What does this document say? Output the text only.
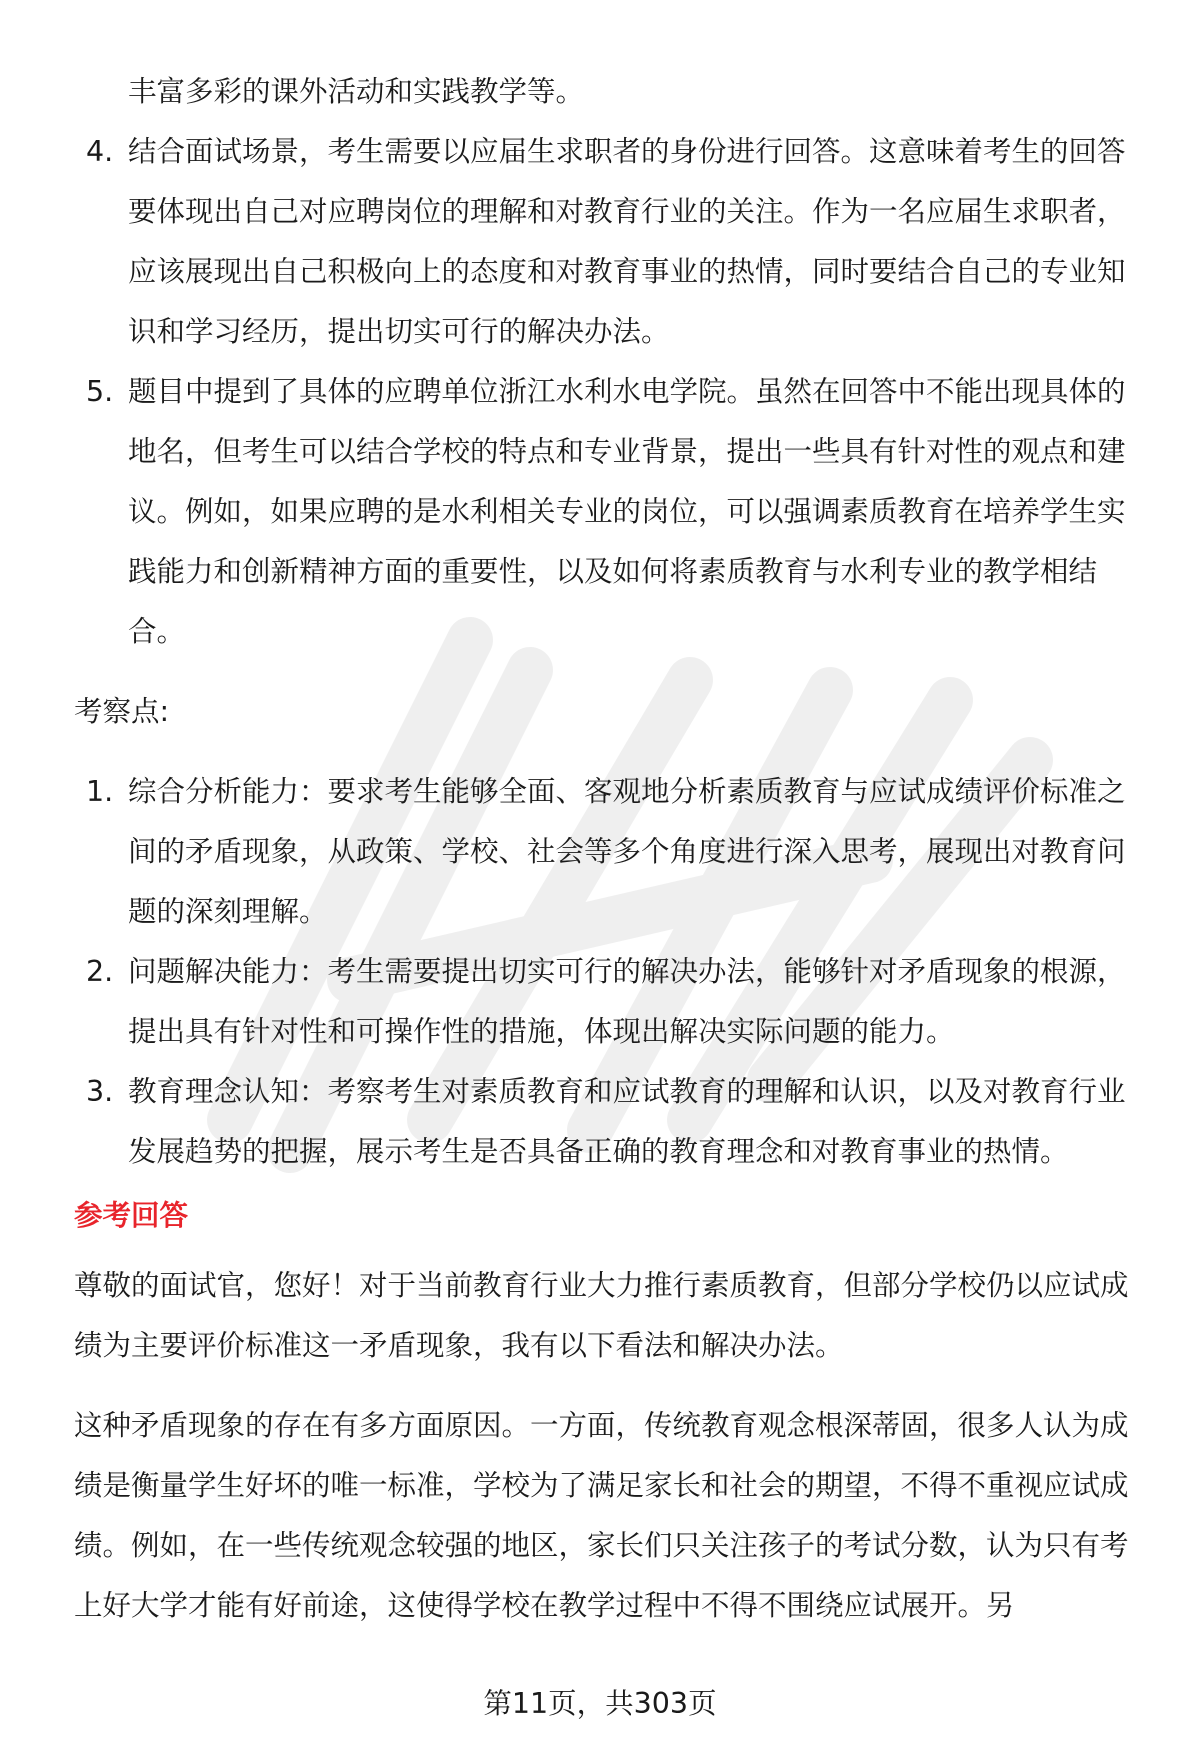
丰富多彩的课外活动和实践教学等。

4. 结合面试场景，考生需要以应届生求职者的身份进行回答。这意味着考生的回答要体现出自己对应聘岗位的理解和对教育行业的关注。作为一名应届生求职者，应该展现出自己积极向上的态度和对教育事业的热情，同时要结合自己的专业知识和学习经历，提出切实可行的解决办法。
5. 题目中提到了具体的应聘单位浙江水利水电学院。虽然在回答中不能出现具体的地名，但考生可以结合学校的特点和专业背景，提出一些具有针对性的观点和建议。例如，如果应聘的是水利相关专业的岗位，可以强调素质教育在培养学生实践能力和创新精神方面的重要性，以及如何将素质教育与水利专业的教学相结合。

考察点:

1. 综合分析能力：要求考生能够全面、客观地分析素质教育与应试成绩评价标准之间的矛盾现象，从政策、学校、社会等多个角度进行深入思考，展现出对教育问题的深刻理解。
2. 问题解决能力：考生需要提出切实可行的解决办法，能够针对矛盾现象的根源，提出具有针对性和可操作性的措施，体现出解决实际问题的能力。
3. 教育理念认知：考察考生对素质教育和应试教育的理解和认识，以及对教育行业发展趋势的把握，展示考生是否具备正确的教育理念和对教育事业的热情。

参考回答

尊敬的面试官，您好！对于当前教育行业大力推行素质教育，但部分学校仍以应试成绩为主要评价标准这一矛盾现象，我有以下看法和解决办法。

这种矛盾现象的存在有多方面原因。一方面，传统教育观念根深蒂固，很多人认为成绩是衡量学生好坏的唯一标准，学校为了满足家长和社会的期望，不得不重视应试成绩。例如，在一些传统观念较强的地区，家长们只关注孩子的考试分数，认为只有考上好大学才能有好前途，这使得学校在教学过程中不得不围绕应试展开。另

第11页，共303页
